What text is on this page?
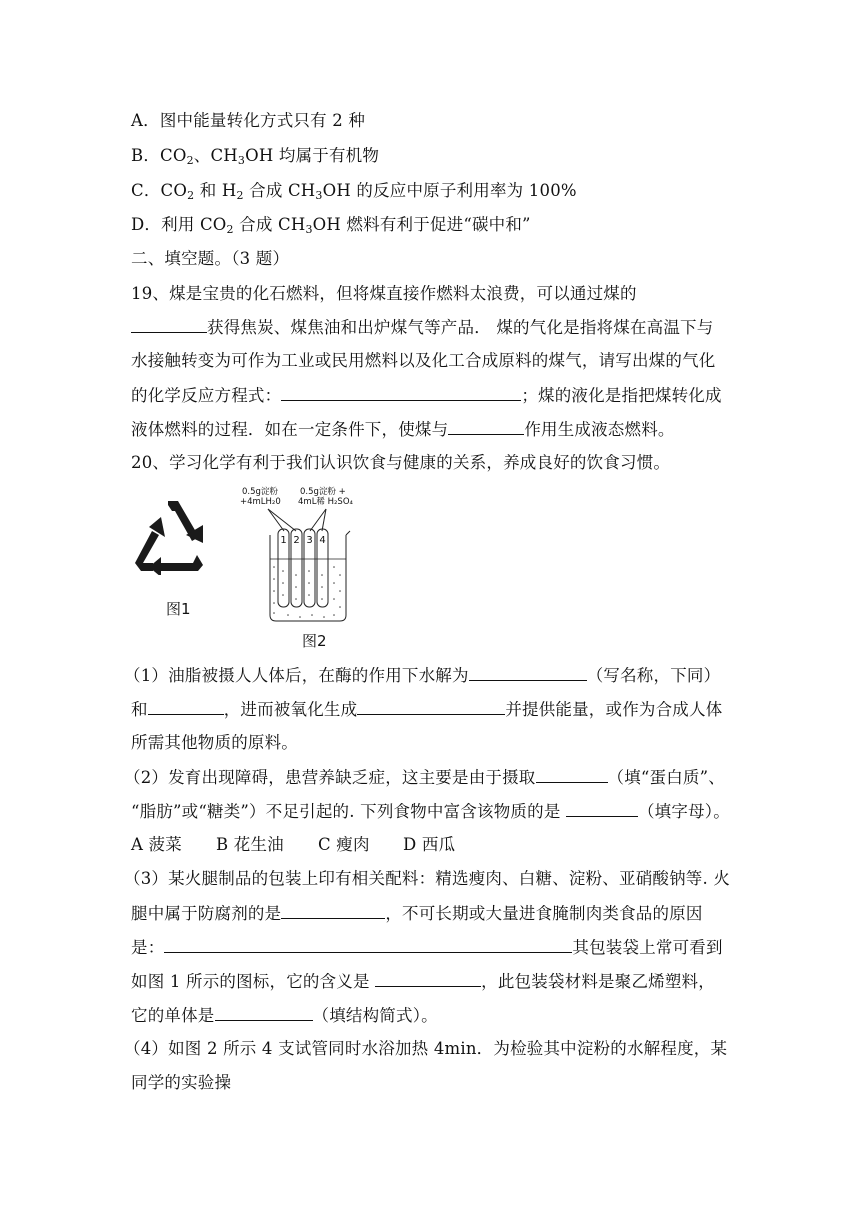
A．图中能量转化方式只有 2 种
B．$CO_2$、$CH_3OH$ 均属于有机物
C．$CO_2$ 和 $H_2$ 合成 $CH_3OH$ 的反应中原子利用率为 100%
D．利用 $CO_2$ 合成 $CH_3OH$ 燃料有利于促进“碳中和”
二、填空题。（3 题）
19、煤是宝贵的化石燃料，但将煤直接作燃料太浪费，可以通过煤的
获得焦炭、煤焦油和出炉煤气等产品． 煤的气化是指将煤在高温下与
水接触转变为可作为工业或民用燃料以及化工合成原料的煤气，请写出煤的气化
的化学反应方程式：	；煤的液化是指把煤转化成
液体燃料的过程．如在一定条件下，使煤与	作用生成液态燃料。
20、学习化学有利于我们认识饮食与健康的关系，养成良好的饮食习惯。
图1
0.5g淀粉
+4mLH₂0
0.5g淀粉 +
4mL稀 H₂SO₄
1 2 3 4
图2
（1）油脂被摄人人体后，在酶的作用下水解为	（写名称，下同）
和	，进而被氧化生成	并提供能量，或作为合成人体
所需其他物质的原料。
（2）发育出现障碍，患营养缺乏症，这主要是由于摄取	（填“蛋白质”、
“脂肪”或“糖类”）不足引起的. 下列食物中富含该物质的是	（填字母）。
A 菠菜 B 花生油 C 瘦肉 D 西瓜
（3）某火腿制品的包装上印有相关配料：精选瘦肉、白糖、淀粉、亚硝酸钠等. 火
腿中属于防腐剂的是	，不可长期或大量进食腌制肉类食品的原因
是：	其包装袋上常可看到
如图 1 所示的图标，它的含义是	，此包装袋材料是聚乙烯塑料，
它的单体是	（填结构简式）。
（4）如图 2 所示 4 支试管同时水浴加热 4min．为检验其中淀粉的水解程度，某
同学的实验操
